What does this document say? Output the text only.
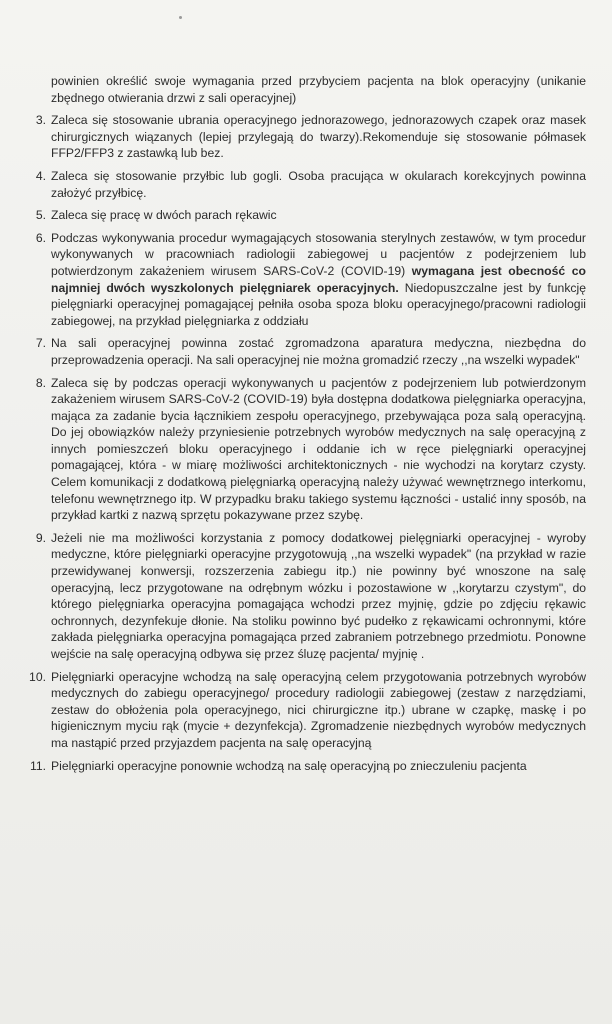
powinien określić swoje wymagania przed przybyciem pacjenta na blok operacyjny (unikanie zbędnego otwierania drzwi z sali operacyjnej)
3. Zaleca się stosowanie ubrania operacyjnego jednorazowego, jednorazowych czapek oraz masek chirurgicznych wiązanych (lepiej przylegają do twarzy).Rekomenduje się stosowanie półmasek FFP2/FFP3 z zastawką lub bez.
4. Zaleca się stosowanie przyłbic lub gogli. Osoba pracująca w okularach korekcyjnych powinna założyć przyłbicę.
5. Zaleca się pracę w dwóch parach rękawic
6. Podczas wykonywania procedur wymagających stosowania sterylnych zestawów, w tym procedur wykonywanych w pracowniach radiologii zabiegowej u pacjentów z podejrzeniem lub potwierdzonym zakażeniem wirusem SARS-CoV-2 (COVID-19) wymagana jest obecność co najmniej dwóch wyszkolonych pielęgniarek operacyjnych. Niedopuszczalne jest by funkcję pielęgniarki operacyjnej pomagającej pełniła osoba spoza bloku operacyjnego/pracowni radiologii zabiegowej, na przykład pielęgniarka z oddziału
7. Na sali operacyjnej powinna zostać zgromadzona aparatura medyczna, niezbędna do przeprowadzenia operacji. Na sali operacyjnej nie można gromadzić rzeczy ,,na wszelki wypadek"
8. Zaleca się by podczas operacji wykonywanych u pacjentów z podejrzeniem lub potwierdzonym zakażeniem wirusem SARS-CoV-2 (COVID-19) była dostępna dodatkowa pielęgniarka operacyjna, mająca za zadanie bycia łącznikiem zespołu operacyjnego, przebywająca poza salą operacyjną. Do jej obowiązków należy przyniesienie potrzebnych wyrobów medycznych na salę operacyjną z innych pomieszczeń bloku operacyjnego i oddanie ich w ręce pielęgniarki operacyjnej pomagającej, która - w miarę możliwości architektonicznych - nie wychodzi na korytarz czysty. Celem komunikacji z dodatkową pielęgniarką operacyjną należy używać wewnętrznego interkomu, telefonu wewnętrznego itp. W przypadku braku takiego systemu łączności - ustalić inny sposób, na przykład kartki z nazwą sprzętu pokazywane przez szybę.
9. Jeżeli nie ma możliwości korzystania z pomocy dodatkowej pielęgniarki operacyjnej - wyroby medyczne, które pielęgniarki operacyjne przygotowują ,,na wszelki wypadek" (na przykład w razie przewidywanej konwersji, rozszerzenia zabiegu itp.) nie powinny być wnoszone na salę operacyjną, lecz przygotowane na odrębnym wózku i pozostawione w ,,korytarzu czystym", do którego pielęgniarka operacyjna pomagająca wchodzi przez myjnię, gdzie po zdjęciu rękawic ochronnych, dezynfekuje dłonie. Na stoliku powinno być pudełko z rękawicami ochronnymi, które zakłada pielęgniarka operacyjna pomagająca przed zabraniem potrzebnego przedmiotu. Ponowne wejście na salę operacyjną odbywa się przez śluzę pacjenta/ myjnię .
10. Pielęgniarki operacyjne wchodzą na salę operacyjną celem przygotowania potrzebnych wyrobów medycznych do zabiegu operacyjnego/ procedury radiologii zabiegowej (zestaw z narzędziami, zestaw do obłożenia pola operacyjnego, nici chirurgiczne itp.) ubrane w czapkę, maskę i po higienicznym myciu rąk (mycie + dezynfekcja). Zgromadzenie niezbędnych wyrobów medycznych ma nastąpić przed przyjazdem pacjenta na salę operacyjną
11. Pielęgniarki operacyjne ponownie wchodzą na salę operacyjną po znieczuleniu pacjenta
